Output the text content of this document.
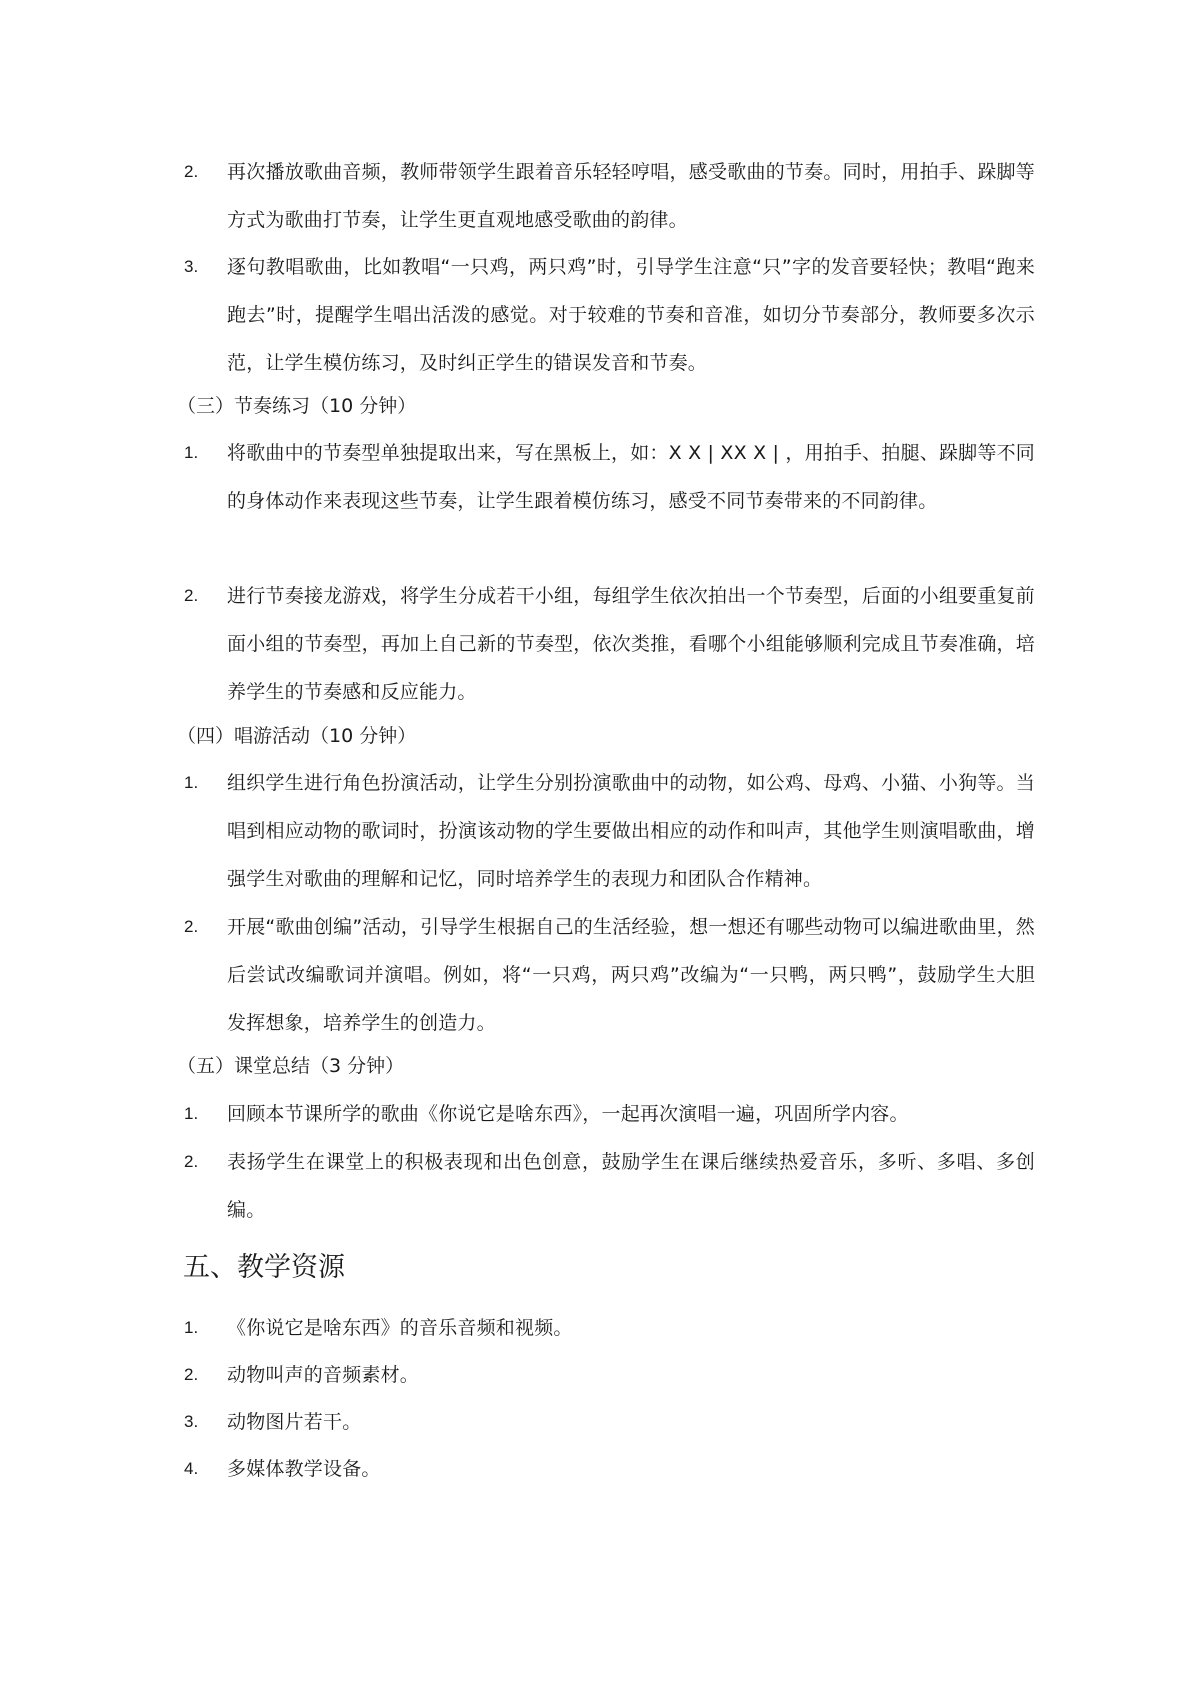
2. 再次播放歌曲音频，教师带领学生跟着音乐轻轻哼唱，感受歌曲的节奏。同时，用拍手、跺脚等方式为歌曲打节奏，让学生更直观地感受歌曲的韵律。
3. 逐句教唱歌曲，比如教唱“一只鸡，两只鸡”时，引导学生注意“只”字的发音要轻快；教唱“跑来跑去”时，提醒学生唱出活泼的感觉。对于较难的节奏和音准，如切分节奏部分，教师要多次示范，让学生模仿练习，及时纠正学生的错误发音和节奏。
（三）节奏练习（10 分钟）
1. 将歌曲中的节奏型单独提取出来，写在黑板上，如：X X | XX X | ，用拍手、拍腿、跺脚等不同的身体动作来表现这些节奏，让学生跟着模仿练习，感受不同节奏带来的不同韵律。
2. 进行节奏接龙游戏，将学生分成若干小组，每组学生依次拍出一个节奏型，后面的小组要重复前面小组的节奏型，再加上自己新的节奏型，依次类推，看哪个小组能够顺利完成且节奏准确，培养学生的节奏感和反应能力。
（四）唱游活动（10 分钟）
1. 组织学生进行角色扮演活动，让学生分别扮演歌曲中的动物，如公鸡、母鸡、小猫、小狗等。当唱到相应动物的歌词时，扮演该动物的学生要做出相应的动作和叫声，其他学生则演唱歌曲，增强学生对歌曲的理解和记忆，同时培养学生的表现力和团队合作精神。
2. 开展“歌曲创编”活动，引导学生根据自己的生活经验，想一想还有哪些动物可以编进歌曲里，然后尝试改编歌词并演唱。例如，将“一只鸡，两只鸡”改编为“一只鸭，两只鸭”，鼓励学生大胆发挥想象，培养学生的创造力。
（五）课堂总结（3 分钟）
1. 回顾本节课所学的歌曲《你说它是啥东西》，一起再次演唱一遍，巩固所学内容。
2. 表扬学生在课堂上的积极表现和出色创意，鼓励学生在课后继续热爱音乐，多听、多唱、多创编。
五、教学资源
1. 《你说它是啥东西》的音乐音频和视频。
2. 动物叫声的音频素材。
3. 动物图片若干。
4. 多媒体教学设备。
